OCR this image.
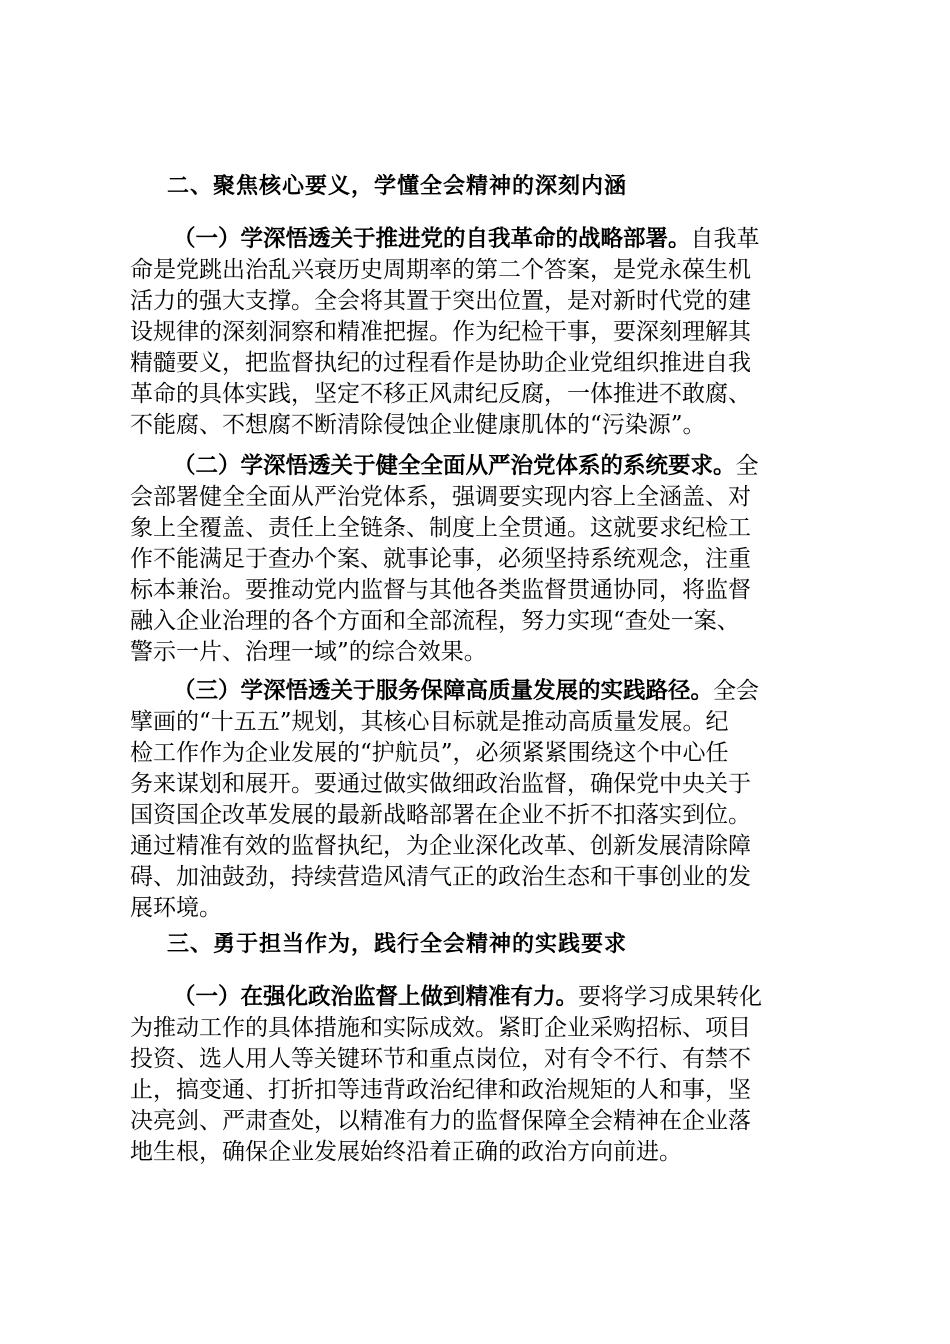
二、聚焦核心要义，学懂全会精神的深刻内涵
（一）学深悟透关于推进党的自我革命的战略部署。自我革
命是党跳出治乱兴衰历史周期率的第二个答案，是党永葆生机
活力的强大支撑。全会将其置于突出位置，是对新时代党的建
设规律的深刻洞察和精准把握。作为纪检干事，要深刻理解其
精髓要义，把监督执纪的过程看作是协助企业党组织推进自我
革命的具体实践，坚定不移正风肃纪反腐，一体推进不敢腐、
不能腐、不想腐不断清除侵蚀企业健康肌体的“污染源”。
（二）学深悟透关于健全全面从严治党体系的系统要求。全
会部署健全全面从严治党体系，强调要实现内容上全涵盖、对
象上全覆盖、责任上全链条、制度上全贯通。这就要求纪检工
作不能满足于查办个案、就事论事，必须坚持系统观念，注重
标本兼治。要推动党内监督与其他各类监督贯通协同，将监督
融入企业治理的各个方面和全部流程，努力实现“查处一案、
警示一片、治理一域”的综合效果。
（三）学深悟透关于服务保障高质量发展的实践路径。全会
擘画的“十五五”规划，其核心目标就是推动高质量发展。纪
检工作作为企业发展的“护航员”，必须紧紧围绕这个中心任
务来谋划和展开。要通过做实做细政治监督，确保党中央关于
国资国企改革发展的最新战略部署在企业不折不扣落实到位。
通过精准有效的监督执纪，为企业深化改革、创新发展清除障
碍、加油鼓劲，持续营造风清气正的政治生态和干事创业的发
展环境。
三、勇于担当作为，践行全会精神的实践要求
（一）在强化政治监督上做到精准有力。要将学习成果转化
为推动工作的具体措施和实际成效。紧盯企业采购招标、项目
投资、选人用人等关键环节和重点岗位，对有令不行、有禁不
止，搞变通、打折扣等违背政治纪律和政治规矩的人和事，坚
决亮剑、严肃查处，以精准有力的监督保障全会精神在企业落
地生根，确保企业发展始终沿着正确的政治方向前进。
